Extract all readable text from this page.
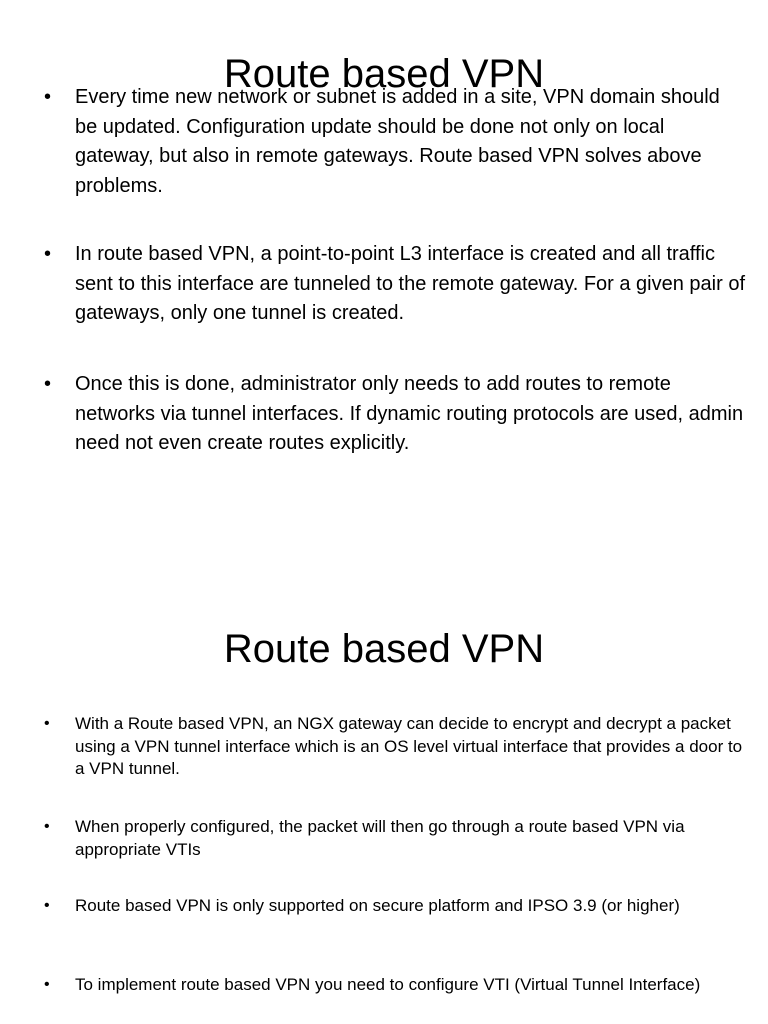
Route based VPN
• Every time new network or subnet is added in a site, VPN domain should be updated. Configuration update should be done not only on local gateway, but also in remote gateways. Route based VPN solves above problems.
• In route based VPN, a point-to-point L3 interface is created and all traffic sent to this interface are tunneled to the remote gateway. For a given pair of gateways, only one tunnel is created.
• Once this is done, administrator only needs to add routes to remote networks via tunnel interfaces. If dynamic routing protocols are used, admin need not even create routes explicitly.
Route based VPN
• With a Route based VPN, an NGX gateway can decide to encrypt and decrypt a packet using a VPN tunnel interface which is an OS level virtual interface that provides a door to a VPN tunnel.
• When properly configured, the packet will then go through a route based VPN via appropriate VTIs
• Route based VPN is only supported on secure platform and IPSO 3.9 (or higher)
• To implement route based VPN you need to configure VTI (Virtual Tunnel Interface)
